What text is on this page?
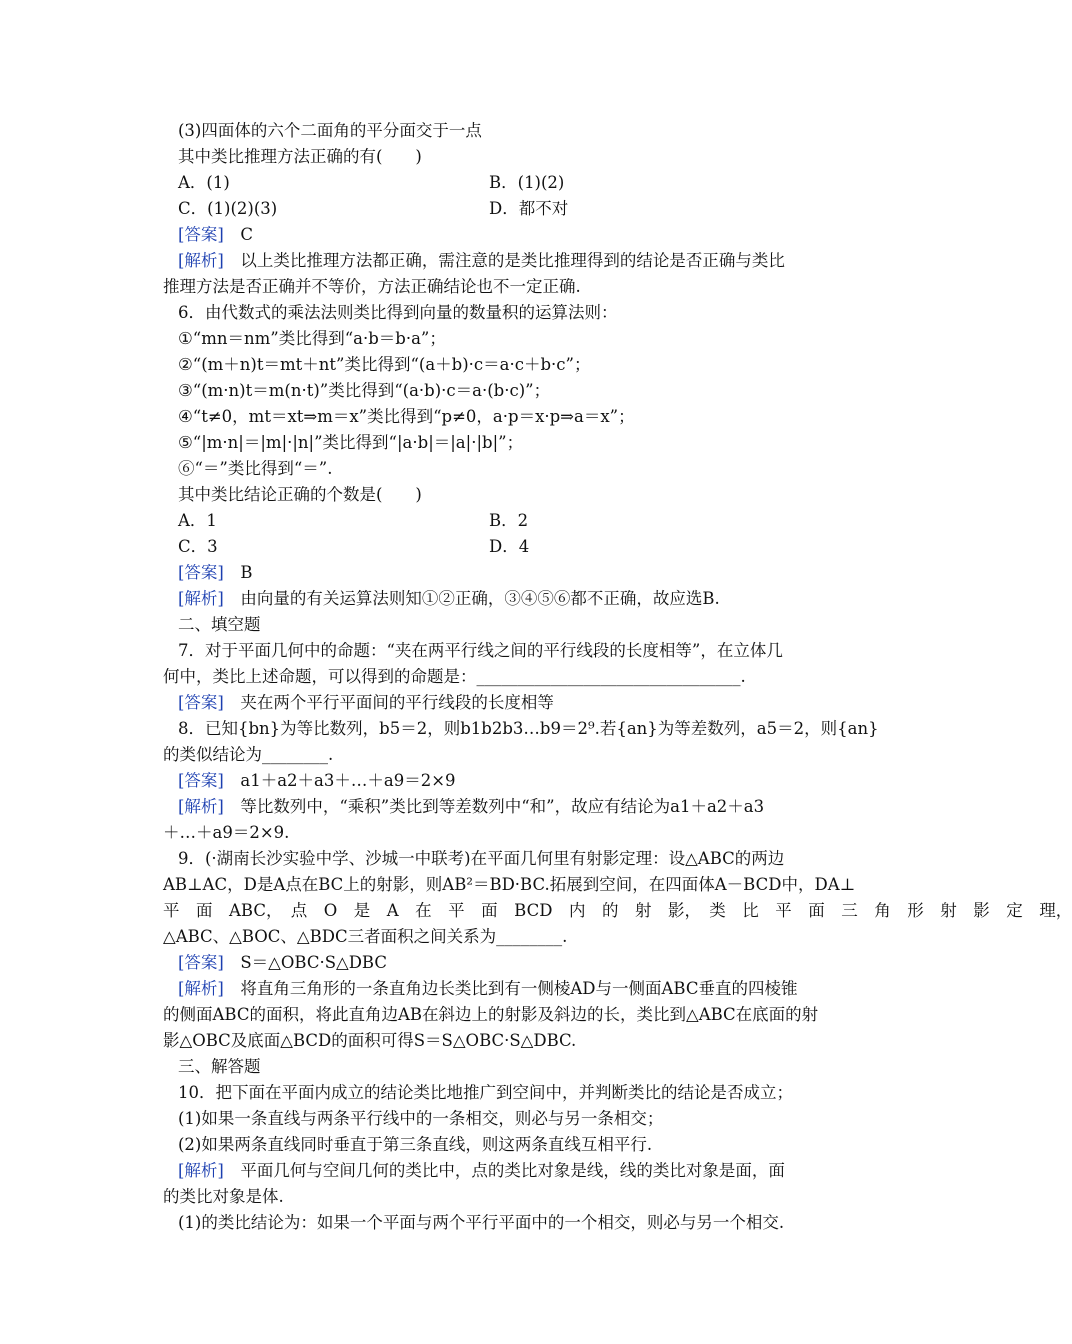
(3)四面体的六个二面角的平分面交于一点
其中类比推理方法正确的有(　　)
A．(1)	B．(1)(2)
C．(1)(2)(3)	D．都不对
[答案]　C
[解析]　以上类比推理方法都正确，需注意的是类比推理得到的结论是否正确与类比
推理方法是否正确并不等价，方法正确结论也不一定正确.
6．由代数式的乘法法则类比得到向量的数量积的运算法则：
①“mn＝nm”类比得到“a·b＝b·a”；
②“(m＋n)t＝mt＋nt”类比得到“(a＋b)·c＝a·c＋b·c”；
③“(m·n)t＝m(n·t)”类比得到“(a·b)·c＝a·(b·c)”；
④“t≠0，mt＝xt⇒m＝x”类比得到“p≠0，a·p＝x·p⇒a＝x”；
⑤“|m·n|＝|m|·|n|”类比得到“|a·b|＝|a|·|b|”；
⑥“＝”类比得到“＝”.
其中类比结论正确的个数是(　　)
A．1	B．2
C．3	D．4
[答案]　B
[解析]　由向量的有关运算法则知①②正确，③④⑤⑥都不正确，故应选B.
二、填空题
7．对于平面几何中的命题：“夹在两平行线之间的平行线段的长度相等”，在立体几
何中，类比上述命题，可以得到的命题是：________________________________.
[答案]　夹在两个平行平面间的平行线段的长度相等
8．已知{bn}为等比数列，b5＝2，则b1b2b3…b9＝2⁹.若{an}为等差数列，a5＝2，则{an}
的类似结论为________.
[答案]　a1＋a2＋a3＋…＋a9＝2×9
[解析]　等比数列中，“乘积”类比到等差数列中“和”，故应有结论为a1＋a2＋a3
＋…＋a9＝2×9.
9．(·湖南长沙实验中学、沙城一中联考)在平面几何里有射影定理：设△ABC的两边
AB⊥AC，D是A点在BC上的射影，则AB²＝BD·BC.拓展到空间，在四面体A－BCD中，DA⊥
平　面　ABC，　点　O　是　A　在　平　面　BCD　内　的　射　影，　类　比　平　面　三　角　形　射　影　定　理，
△ABC、△BOC、△BDC三者面积之间关系为________.
[答案]　S＝△OBC·S△DBC
[解析]　将直角三角形的一条直角边长类比到有一侧棱AD与一侧面ABC垂直的四棱锥
的侧面ABC的面积，将此直角边AB在斜边上的射影及斜边的长，类比到△ABC在底面的射
影△OBC及底面△BCD的面积可得S＝S△OBC·S△DBC.
三、解答题
10．把下面在平面内成立的结论类比地推广到空间中，并判断类比的结论是否成立；
(1)如果一条直线与两条平行线中的一条相交，则必与另一条相交；
(2)如果两条直线同时垂直于第三条直线，则这两条直线互相平行.
[解析]　平面几何与空间几何的类比中，点的类比对象是线，线的类比对象是面，面
的类比对象是体.
(1)的类比结论为：如果一个平面与两个平行平面中的一个相交，则必与另一个相交.
